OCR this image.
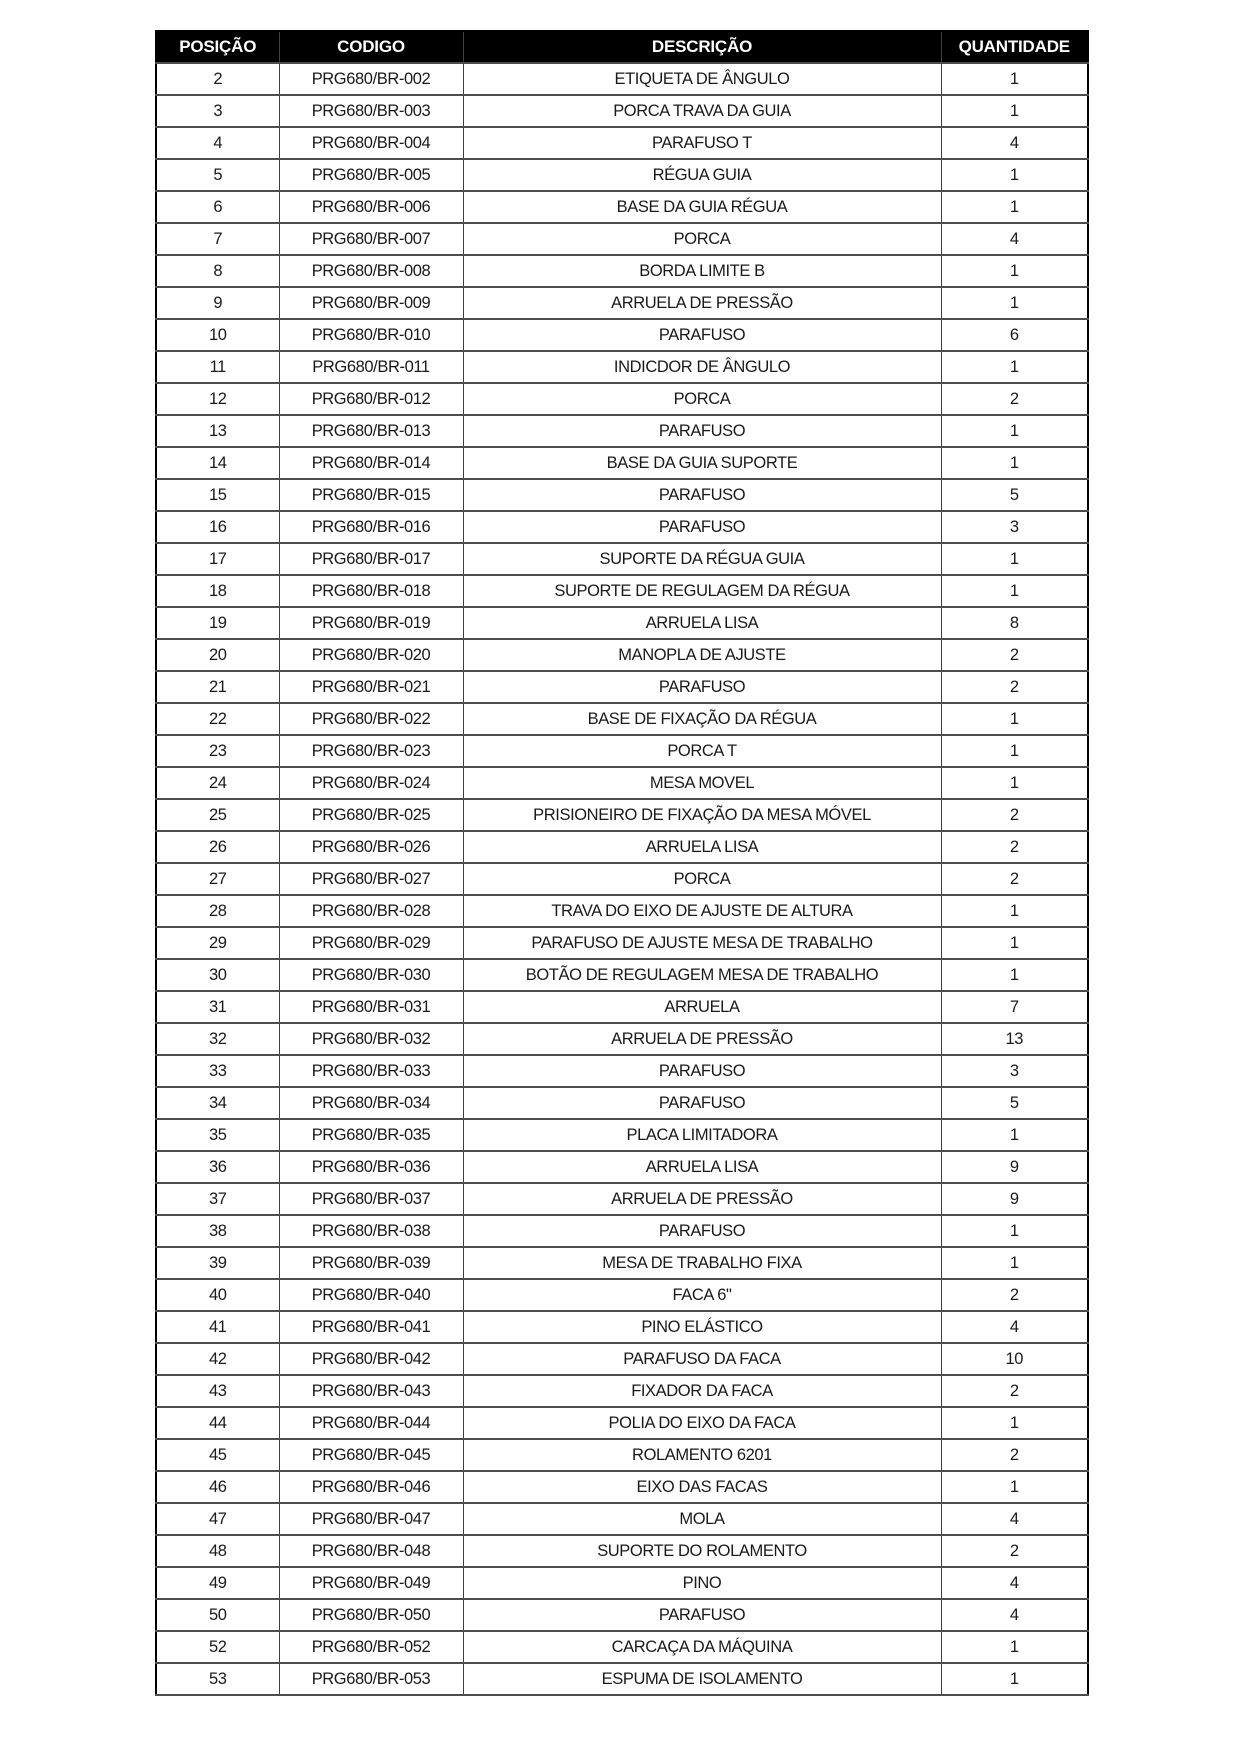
POSIÇÃO	CODIGO	DESCRIÇÃO	QUANTIDADE
2	PRG680/BR-002	ETIQUETA DE ÂNGULO	1
3	PRG680/BR-003	PORCA TRAVA DA GUIA	1
4	PRG680/BR-004	PARAFUSO T	4
5	PRG680/BR-005	RÉGUA GUIA	1
6	PRG680/BR-006	BASE DA GUIA RÉGUA	1
7	PRG680/BR-007	PORCA	4
8	PRG680/BR-008	BORDA LIMITE B	1
9	PRG680/BR-009	ARRUELA DE PRESSÃO	1
10	PRG680/BR-010	PARAFUSO	6
11	PRG680/BR-011	INDICDOR DE ÂNGULO	1
12	PRG680/BR-012	PORCA	2
13	PRG680/BR-013	PARAFUSO	1
14	PRG680/BR-014	BASE DA GUIA SUPORTE	1
15	PRG680/BR-015	PARAFUSO	5
16	PRG680/BR-016	PARAFUSO	3
17	PRG680/BR-017	SUPORTE DA RÉGUA GUIA	1
18	PRG680/BR-018	SUPORTE DE REGULAGEM DA RÉGUA	1
19	PRG680/BR-019	ARRUELA LISA	8
20	PRG680/BR-020	MANOPLA DE AJUSTE	2
21	PRG680/BR-021	PARAFUSO	2
22	PRG680/BR-022	BASE DE FIXAÇÃO DA RÉGUA	1
23	PRG680/BR-023	PORCA T	1
24	PRG680/BR-024	MESA MOVEL	1
25	PRG680/BR-025	PRISIONEIRO DE FIXAÇÃO DA MESA MÓVEL	2
26	PRG680/BR-026	ARRUELA LISA	2
27	PRG680/BR-027	PORCA	2
28	PRG680/BR-028	TRAVA DO EIXO DE AJUSTE DE ALTURA	1
29	PRG680/BR-029	PARAFUSO DE AJUSTE MESA DE TRABALHO	1
30	PRG680/BR-030	BOTÃO DE REGULAGEM MESA DE TRABALHO	1
31	PRG680/BR-031	ARRUELA	7
32	PRG680/BR-032	ARRUELA DE PRESSÃO	13
33	PRG680/BR-033	PARAFUSO	3
34	PRG680/BR-034	PARAFUSO	5
35	PRG680/BR-035	PLACA LIMITADORA	1
36	PRG680/BR-036	ARRUELA LISA	9
37	PRG680/BR-037	ARRUELA DE PRESSÃO	9
38	PRG680/BR-038	PARAFUSO	1
39	PRG680/BR-039	MESA DE TRABALHO FIXA	1
40	PRG680/BR-040	FACA 6"	2
41	PRG680/BR-041	PINO ELÁSTICO	4
42	PRG680/BR-042	PARAFUSO DA FACA	10
43	PRG680/BR-043	FIXADOR DA FACA	2
44	PRG680/BR-044	POLIA DO EIXO DA FACA	1
45	PRG680/BR-045	ROLAMENTO 6201	2
46	PRG680/BR-046	EIXO DAS FACAS	1
47	PRG680/BR-047	MOLA	4
48	PRG680/BR-048	SUPORTE DO ROLAMENTO	2
49	PRG680/BR-049	PINO	4
50	PRG680/BR-050	PARAFUSO	4
52	PRG680/BR-052	CARCAÇA DA MÁQUINA	1
53	PRG680/BR-053	ESPUMA DE ISOLAMENTO	1
